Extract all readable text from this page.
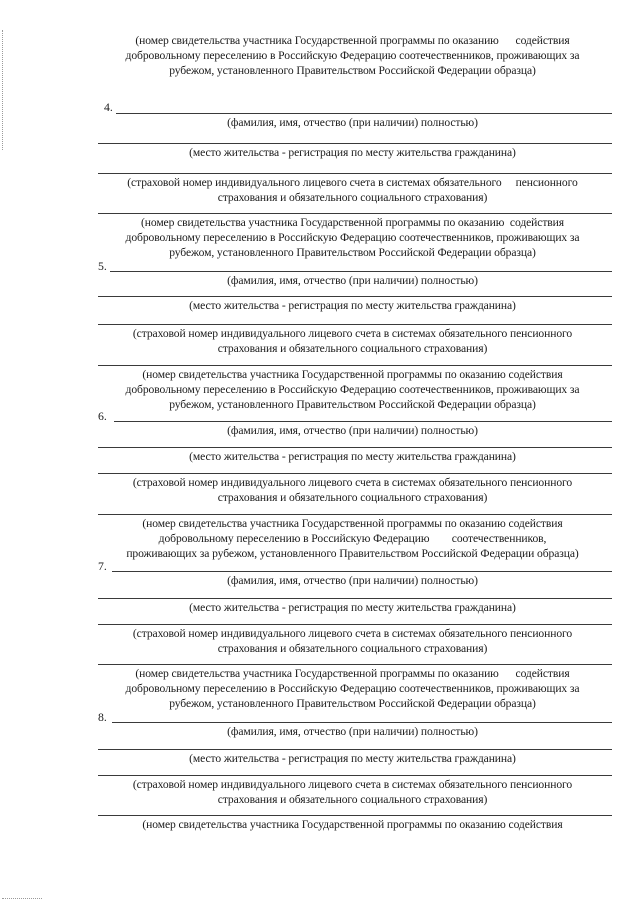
(номер свидетельства участника Государственной программы по оказанию      содействия
добровольному переселению в Российскую Федерацию соотечественников, проживающих за
рубежом, установленного Правительством Российской Федерации образца)
4.
(фамилия, имя, отчество (при наличии) полностью)
(место жительства - регистрация по месту жительства гражданина)
(страховой номер индивидуального лицевого счета в системах обязательного     пенсионного
страхования и обязательного социального страхования)
(номер свидетельства участника Государственной программы по оказанию  содействия
добровольному переселению в Российскую Федерацию соотечественников, проживающих за
рубежом, установленного Правительством Российской Федерации образца)
5.
(фамилия, имя, отчество (при наличии) полностью)
(место жительства - регистрация по месту жительства гражданина)
(страховой номер индивидуального лицевого счета в системах обязательного пенсионного
страхования и обязательного социального страхования)
(номер свидетельства участника Государственной программы по оказанию содействия
добровольному переселению в Российскую Федерацию соотечественников, проживающих за
рубежом, установленного Правительством Российской Федерации образца)
6.
(фамилия, имя, отчество (при наличии) полностью)
(место жительства - регистрация по месту жительства гражданина)
(страховой номер индивидуального лицевого счета в системах обязательного пенсионного
страхования и обязательного социального страхования)
(номер свидетельства участника Государственной программы по оказанию содействия
добровольному переселению в Российскую Федерацию        соотечественников,
проживающих за рубежом, установленного Правительством Российской Федерации образца)
7.
(фамилия, имя, отчество (при наличии) полностью)
(место жительства - регистрация по месту жительства гражданина)
(страховой номер индивидуального лицевого счета в системах обязательного пенсионного
страхования и обязательного социального страхования)
(номер свидетельства участника Государственной программы по оказанию      содействия
добровольному переселению в Российскую Федерацию соотечественников, проживающих за
рубежом, установленного Правительством Российской Федерации образца)
8.
(фамилия, имя, отчество (при наличии) полностью)
(место жительства - регистрация по месту жительства гражданина)
(страховой номер индивидуального лицевого счета в системах обязательного пенсионного
страхования и обязательного социального страхования)
(номер свидетельства участника Государственной программы по оказанию содействия
